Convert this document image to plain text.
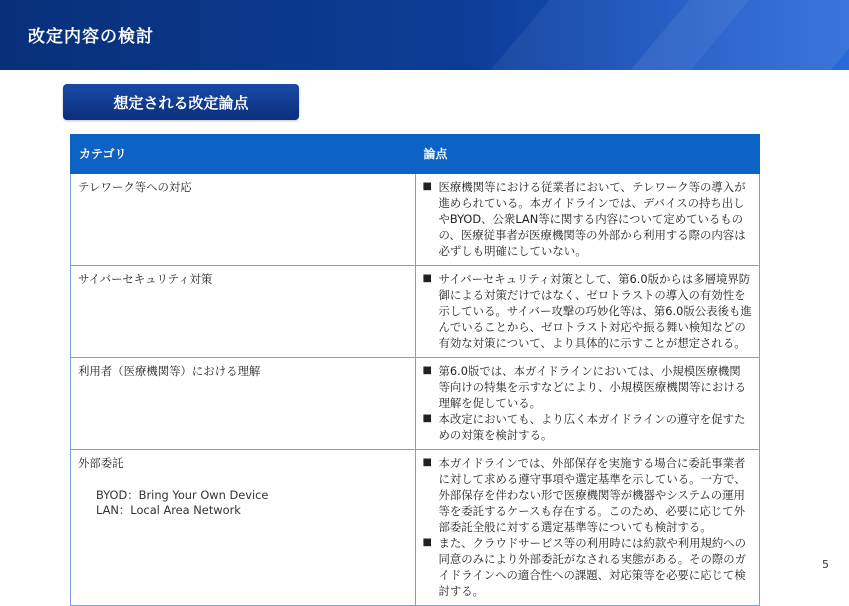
改定内容の検討
想定される改定論点
カテゴリ	論点
テレワーク等への対応	■ 医療機関等における従業者において、テレワーク等の導入が進められている。本ガイドラインでは、デバイスの持ち出しやBYOD、公衆LAN等に関する内容について定めているものの、医療従事者が医療機関等の外部から利用する際の内容は必ずしも明確にしていない。

サイバーセキュリティ対策	■ サイバーセキュリティ対策として、第6.0版からは多層境界防御による対策だけではなく、ゼロトラストの導入の有効性を示している。サイバー攻撃の巧妙化等は、第6.0版公表後も進んでいることから、ゼロトラスト対応や振る舞い検知などの有効な対策について、より具体的に示すことが想定される。

利用者（医療機関等）における理解	■ 第6.0版では、本ガイドラインにおいては、小規模医療機関等向けの特集を示すなどにより、小規模医療機関等における理解を促している。
■ 本改定においても、より広く本ガイドラインの遵守を促すための対策を検討する。

外部委託	■ 本ガイドラインでは、外部保存を実施する場合に委託事業者に対して求める遵守事項や選定基準を示している。一方で、外部保存を伴わない形で医療機関等が機器やシステムの運用等を委託するケースも存在する。このため、必要に応じて外部委託全般に対する選定基準等についても検討する。
■ また、クラウドサービス等の利用時には約款や利用規約への同意のみにより外部委託がなされる実態がある。その際のガイドラインへの適合性への課題、対応策等を必要に応じて検討する。
BYOD：Bring Your Own Device
LAN：Local Area Network
5
